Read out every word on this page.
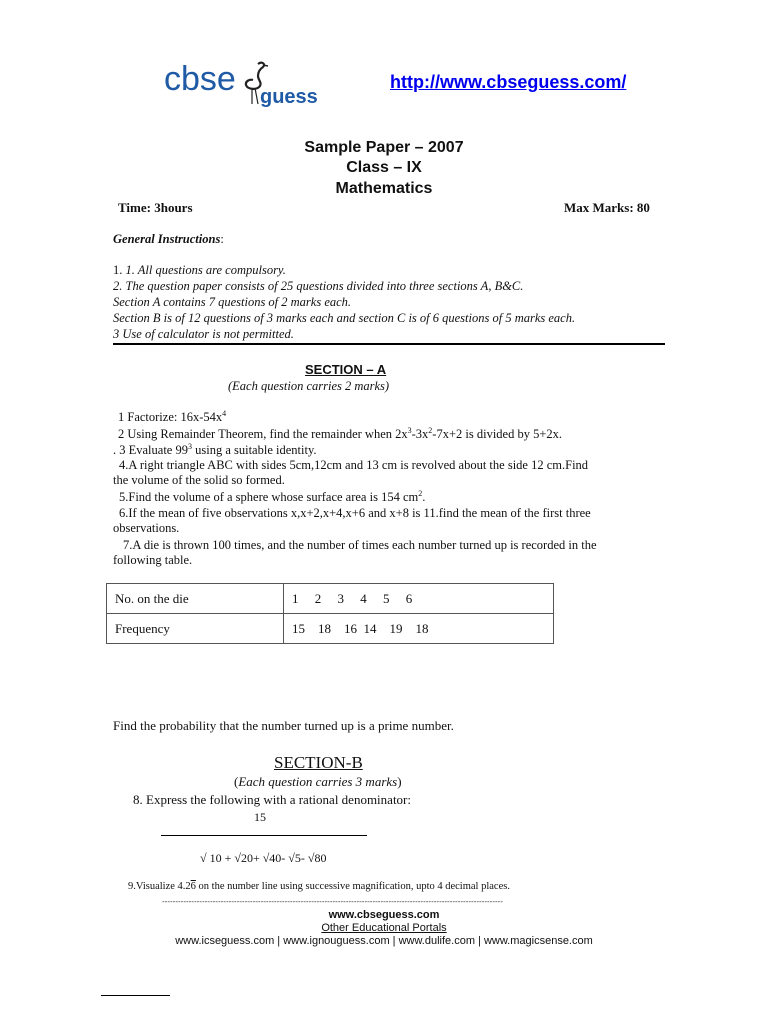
cbse guess
http://www.cbseguess.com/
Sample Paper – 2007
Class – IX
Mathematics
Time: 3hours	Max Marks: 80
General Instructions:
1. 1. All questions are compulsory.
2. The question paper consists of 25 questions divided into three sections A, B&C.
Section A contains 7 questions of 2 marks each.
Section B is of 12 questions of 3 marks each and section C is of 6 questions of 5 marks each.
3 Use of calculator is not permitted.
SECTION – A
(Each question carries 2 marks)
1 Factorize: $16x-54x^4$
2 Using Remainder Theorem, find the remainder when $2x^3-3x^2-7x+2$ is divided by 5+2x.
. 3 Evaluate $99^3$ using a suitable identity.
4.A right triangle ABC with sides 5cm,12cm and 13 cm is revolved about the side 12 cm.Find
the volume of the solid so formed.
5.Find the volume of a sphere whose surface area is 154 $cm^2$.
6.If the mean of five observations x,x+2,x+4,x+6 and x+8 is 11.find the mean of the first three
observations.
7.A die is thrown 100 times, and the number of times each number turned up is recorded in the
following table.
No. on the die	1     2     3     4     5     6
Frequency	15    18    16  14    19    18
Find the probability that the number turned up is a prime number.
SECTION-B
(Each question carries 3 marks)
8. Express the following with a rational denominator:
15
√ 10 + √20+ √40- √5- √80
9.Visualize 4.26 on the number line using successive magnification, upto 4 decimal places.
--------------------------------------------------------------------------------------------------------------------------------
www.cbseguess.com
Other Educational Portals
www.icseguess.com | www.ignouguess.com | www.dulife.com | www.magicsense.com
